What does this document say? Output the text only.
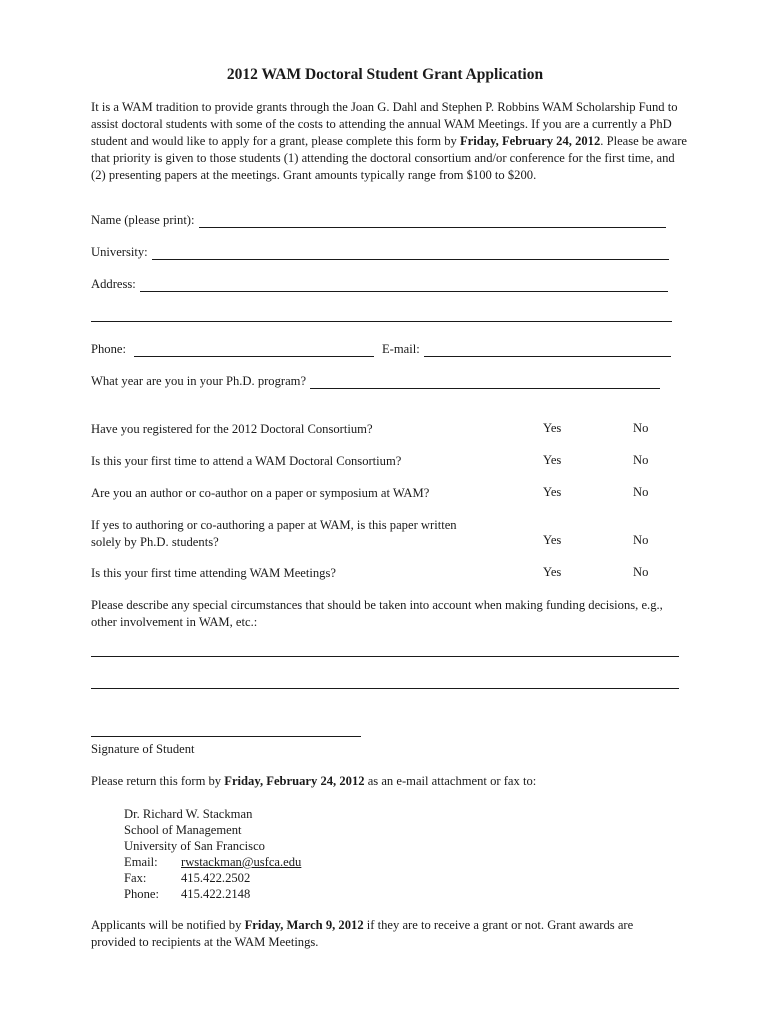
2012 WAM Doctoral Student Grant Application
It is a WAM tradition to provide grants through the Joan G. Dahl and Stephen P. Robbins WAM Scholarship Fund to assist doctoral students with some of the costs to attending the annual WAM Meetings. If you are a currently a PhD student and would like to apply for a grant, please complete this form by Friday, February 24, 2012. Please be aware that priority is given to those students (1) attending the doctoral consortium and/or conference for the first time, and (2) presenting papers at the meetings. Grant amounts typically range from $100 to $200.
Name (please print):
University:
Address:
Phone:	E-mail:
What year are you in your Ph.D. program?
Have you registered for the 2012 Doctoral Consortium?	Yes	No
Is this your first time to attend a WAM Doctoral Consortium?	Yes	No
Are you an author or co-author on a paper or symposium at WAM?	Yes	No
If yes to authoring or co-authoring a paper at WAM, is this paper written
solely by Ph.D. students?	Yes	No
Is this your first time attending WAM Meetings?	Yes	No
Please describe any special circumstances that should be taken into account when making funding decisions, e.g., other involvement in WAM, etc.:
Signature of Student
Please return this form by Friday, February 24, 2012 as an e-mail attachment or fax to:
Dr. Richard W. Stackman
School of Management
University of San Francisco
Email:	rwstackman@usfca.edu
Fax:	415.422.2502
Phone:	415.422.2148
Applicants will be notified by Friday, March 9, 2012 if they are to receive a grant or not. Grant awards are provided to recipients at the WAM Meetings.
